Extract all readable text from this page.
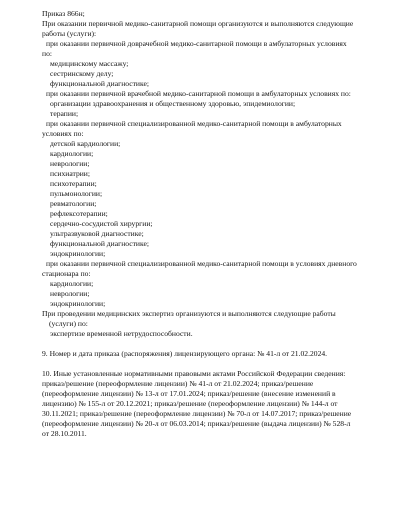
Приказ 866н;
При оказании первичной медико-санитарной помощи организуются и выполняются следующие
работы (услуги):
при оказании первичной доврачебной медико-санитарной помощи в амбулаторных условиях
по:
медицинскому массажу;
сестринскому делу;
функциональной диагностике;
при оказании первичной врачебной медико-санитарной помощи в амбулаторных условиях по:
организации здравоохранения и общественному здоровью, эпидемиологии;
терапии;
при оказании первичной специализированной медико-санитарной помощи в амбулаторных
условиях по:
детской кардиологии;
кардиологии;
неврологии;
психиатрии;
психотерапии;
пульмонологии;
ревматологии;
рефлексотерапии;
сердечно-сосудистой хирургии;
ультразвуковой диагностике;
функциональной диагностике;
эндокринологии;
при оказании первичной специализированной медико-санитарной помощи в условиях дневного
стационара по:
кардиологии;
неврологии;
эндокринологии;
При проведении медицинских экспертиз организуются и выполняются следующие работы
(услуги) по:
экспертизе временной нетрудоспособности.
9. Номер и дата приказа (распоряжения) лицензирующего органа: № 41-л от 21.02.2024.
10. Иные установленные нормативными правовыми актами Российской Федерации сведения:
приказ/решение (переоформление лицензии) № 41-л от 21.02.2024; приказ/решение
(переоформление лицензии) № 13-л от 17.01.2024; приказ/решение (внесение изменений в
лицензию) № 155-л от 20.12.2021; приказ/решение (переоформление лицензии) № 144-л от
30.11.2021; приказ/решение (переоформление лицензии) № 70-л от 14.07.2017; приказ/решение
(переоформление лицензии) № 20-л от 06.03.2014; приказ/решение (выдача лицензии) № 528-л
от 28.10.2011.
